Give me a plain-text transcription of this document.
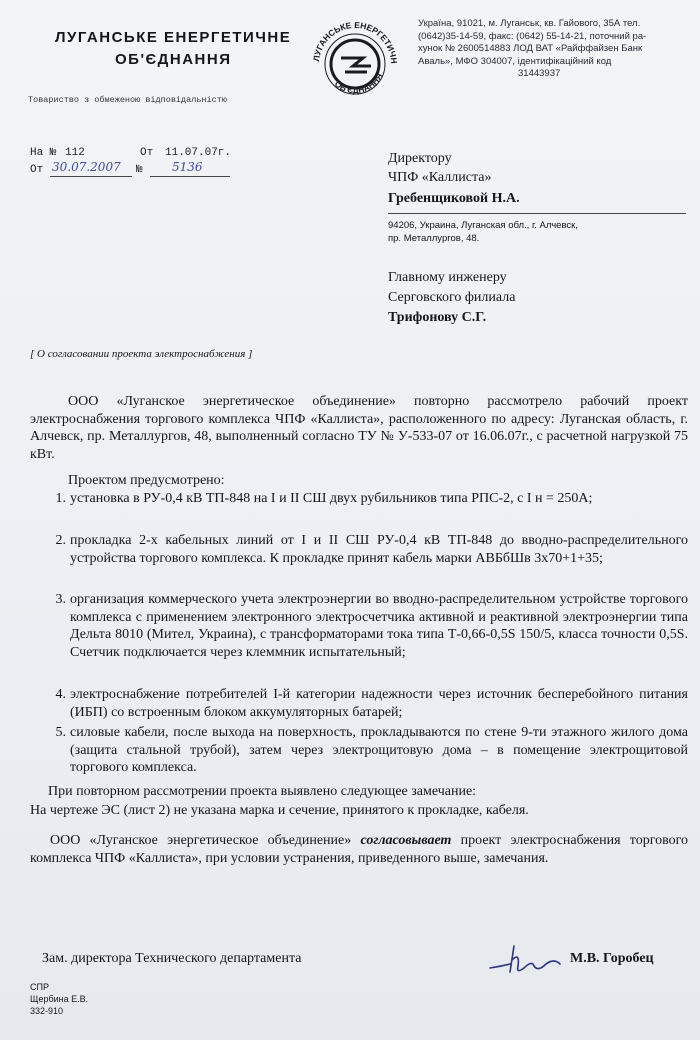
ЛУГАНСЬКЕ ЕНЕРГЕТИЧНЕ
ОБ'ЄДНАННЯ
Товариство з обмеженою відповідальністю
ЛУГАНСЬКЕ ЕНЕРГЕТИЧН
ОБ'ЄДНАННЯ
Україна, 91021, м. Луганськ, кв. Гайового, 35А тел.
(0642)35-14-59, факс: (0642) 55-14-21, поточний ра-
хунок № 2600514883 ЛОД ВАТ «Райффайзен Банк
Аваль», МФО 304007, ідентифікаційний код
31443937
На № 112	От 11.07.07г.
От 30.07.2007 № 5136
Директору
ЧПФ «Каллиста»
Гребенщиковой Н.А.
94206, Украина, Луганская обл., г. Алчевск,
пр. Металлургов, 48.
Главному инженеру
Серговского филиала
Трифонову С.Г.
[ О согласовании проекта электроснабжения ]
ООО «Луганское энергетическое объединение» повторно рассмотрело рабочий проект электроснабжения торгового комплекса ЧПФ «Каллиста», расположенного по адресу: Луганская область, г. Алчевск, пр. Металлургов, 48, выполненный согласно ТУ № У-533-07 от 16.06.07г., с расчетной нагрузкой 75 кВт.
Проектом предусмотрено:
1. установка в РУ-0,4 кВ ТП-848 на I и II СШ двух рубильников типа РПС-2, с I н = 250А;
2. прокладка 2-х кабельных линий от I и II СШ РУ-0,4 кВ ТП-848 до вводно-распределительного устройства торгового комплекса. К прокладке принят кабель марки АВБбШв 3х70+1+35;
3. организация коммерческого учета электроэнергии во вводно-распределительном устройстве торгового комплекса с применением электронного электросчетчика активной и реактивной электроэнергии типа Дельта 8010 (Мител, Украина), с трансформаторами тока типа Т-0,66-0,5S 150/5, класса точности 0,5S. Счетчик подключается через клеммник испытательный;
4. электроснабжение потребителей I-й категории надежности через источник бесперебойного питания (ИБП) со встроенным блоком аккумуляторных батарей;
5. силовые кабели, после выхода на поверхность, прокладываются по стене 9-ти этажного жилого дома (защита стальной трубой), затем через электрощитовую дома – в помещение электрощитовой торгового комплекса.
При повторном рассмотрении проекта выявлено следующее замечание:
На чертеже ЭС (лист 2) не указана марка и сечение, принятого к прокладке, кабеля.
ООО «Луганское энергетическое объединение» согласовывает проект электроснабжения торгового комплекса ЧПФ «Каллиста», при условии устранения, приведенного выше, замечания.
Зам. директора Технического департамента	М.В. Горобец
СПР
Щербина Е.В.
332-910
